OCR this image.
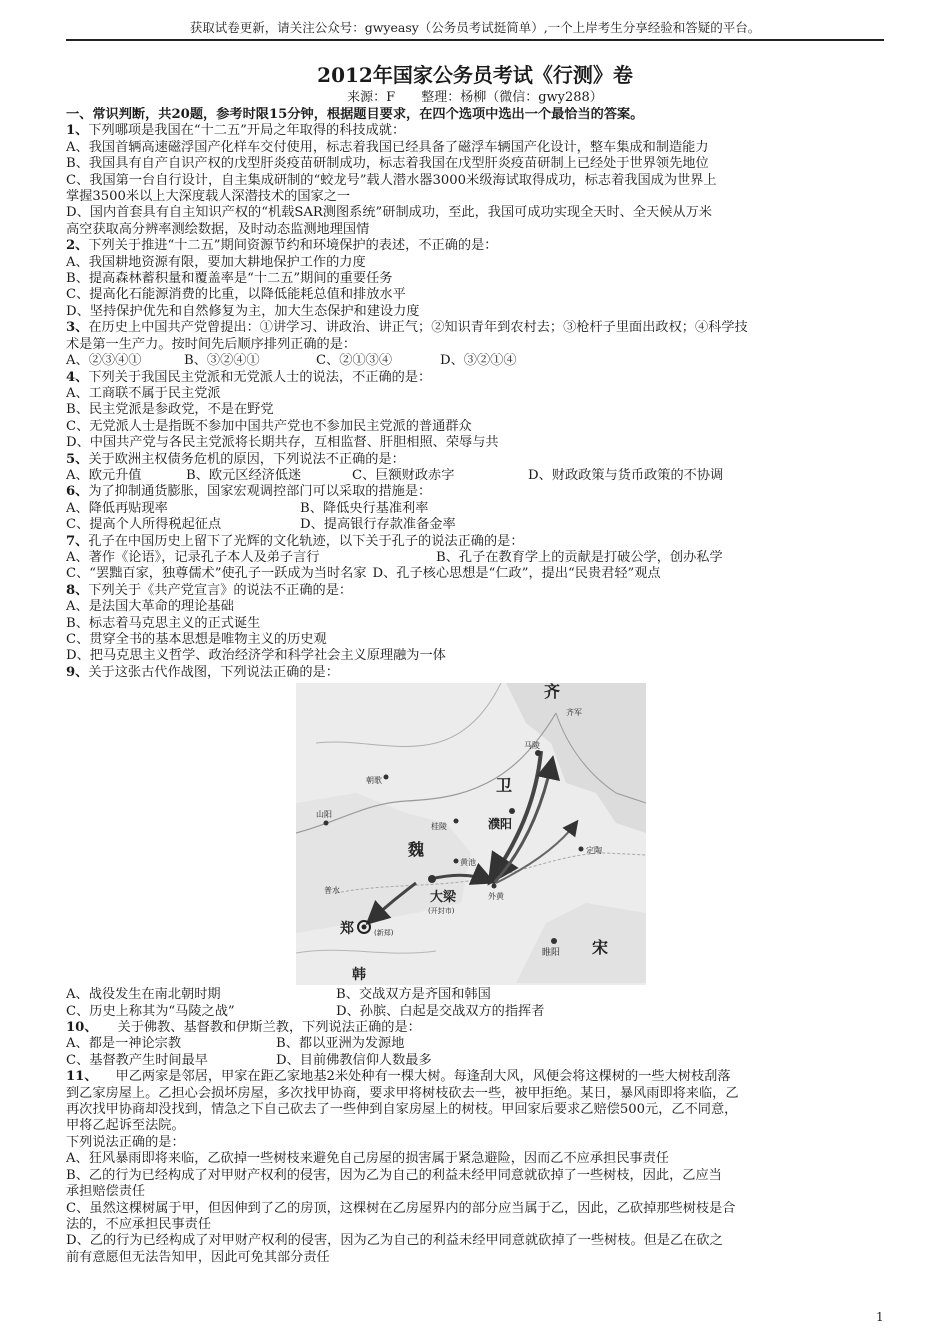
获取试卷更新，请关注公众号：gwyeasy（公务员考试挺简单）,一个上岸考生分享经验和答疑的平台。
2012年国家公务员考试《行测》卷
来源：F　　整理：杨柳（微信：gwy288）
一、常识判断，共20题，参考时限15分钟，根据题目要求，在四个选项中选出一个最恰当的答案。
1、下列哪项是我国在“十二五”开局之年取得的科技成就：
A、我国首辆高速磁浮国产化样车交付使用，标志着我国已经具备了磁浮车辆国产化设计，整车集成和制造能力
B、我国具有自产自识产权的戊型肝炎疫苗研制成功，标志着我国在戊型肝炎疫苗研制上已经处于世界领先地位
C、我国第一台自行设计，自主集成研制的“蛟龙号”载人潜水器3000米级海试取得成功，标志着我国成为世界上
掌握3500米以上大深度载人深潜技术的国家之一
D、国内首套具有自主知识产权的“机载SAR测图系统”研制成功，至此，我国可成功实现全天时、全天候从万米
高空获取高分辨率测绘数据，及时动态监测地理国情
2、下列关于推进“十二五”期间资源节约和环境保护的表述，不正确的是：
A、我国耕地资源有限，要加大耕地保护工作的力度
B、提高森林蓄积量和覆盖率是“十二五”期间的重要任务
C、提高化石能源消费的比重，以降低能耗总值和排放水平
D、坚持保护优先和自然修复为主，加大生态保护和建设力度
3、在历史上中国共产党曾提出：①讲学习、讲政治、讲正气；②知识青年到农村去；③枪杆子里面出政权；④科学技
术是第一生产力。按时间先后顺序排列正确的是：
A、②③④①	B、③②④①	C、②①③④	D、③②①④
4、下列关于我国民主党派和无党派人士的说法，不正确的是：
A、工商联不属于民主党派
B、民主党派是参政党，不是在野党
C、无党派人士是指既不参加中国共产党也不参加民主党派的普通群众
D、中国共产党与各民主党派将长期共存，互相监督、肝胆相照、荣辱与共
5、关于欧洲主权债务危机的原因，下列说法不正确的是：
A、欧元升值	B、欧元区经济低迷	C、巨额财政赤字	D、财政政策与货币政策的不协调
6、为了抑制通货膨胀，国家宏观调控部门可以采取的措施是：
A、降低再贴现率	B、降低央行基准利率
C、提高个人所得税起征点	D、提高银行存款准备金率
7、孔子在中国历史上留下了光辉的文化轨迹，以下关于孔子的说法正确的是：
A、著作《论语》，记录孔子本人及弟子言行	B、孔子在教育学上的贡献是打破公学，创办私学
C、“罢黜百家，独尊儒术”使孔子一跃成为当时名家 D、孔子核心思想是“仁政”，提出“民贵君轻”观点
8、下列关于《共产党宣言》的说法不正确的是：
A、是法国大革命的理论基础
B、标志着马克思主义的正式诞生
C、贯穿全书的基本思想是唯物主义的历史观
D、把马克思主义哲学、政治经济学和科学社会主义原理融为一体
9、关于这张古代作战图，下列说法正确的是：
齐
齐军
马陵
卫
濮阳
朝歌
山阳
桂陵
魏	定陶
黄池
大梁
(开封市)
外黄
普水
郑	(新郑)
睢阳 宋
韩
A、战役发生在南北朝时期	B、交战双方是齐国和韩国
C、历史上称其为“马陵之战”	D、孙膑、白起是交战双方的指挥者
10、 关于佛教、基督教和伊斯兰教，下列说法正确的是：
A、都是一神论宗教	B、都以亚洲为发源地
C、基督教产生时间最早	D、目前佛教信仰人数最多
11、 甲乙两家是邻居，甲家在距乙家地基2米处种有一棵大树。每逢刮大风，风便会将这棵树的一些大树枝刮落
到乙家房屋上。乙担心会损坏房屋，多次找甲协商，要求甲将树枝砍去一些，被甲拒绝。某日，暴风雨即将来临，乙
再次找甲协商却没找到，情急之下自己砍去了一些伸到自家房屋上的树枝。甲回家后要求乙赔偿500元，乙不同意，
甲将乙起诉至法院。
下列说法正确的是：
A、狂风暴雨即将来临，乙砍掉一些树枝来避免自己房屋的损害属于紧急避险，因而乙不应承担民事责任
B、乙的行为已经构成了对甲财产权利的侵害，因为乙为自己的利益未经甲同意就砍掉了一些树枝，因此，乙应当
承担赔偿责任
C、虽然这棵树属于甲，但因伸到了乙的房顶，这棵树在乙房屋界内的部分应当属于乙，因此，乙砍掉那些树枝是合
法的，不应承担民事责任
D、乙的行为已经构成了对甲财产权利的侵害，因为乙为自己的利益未经甲同意就砍掉了一些树枝。但是乙在砍之
前有意愿但无法告知甲，因此可免其部分责任
1
